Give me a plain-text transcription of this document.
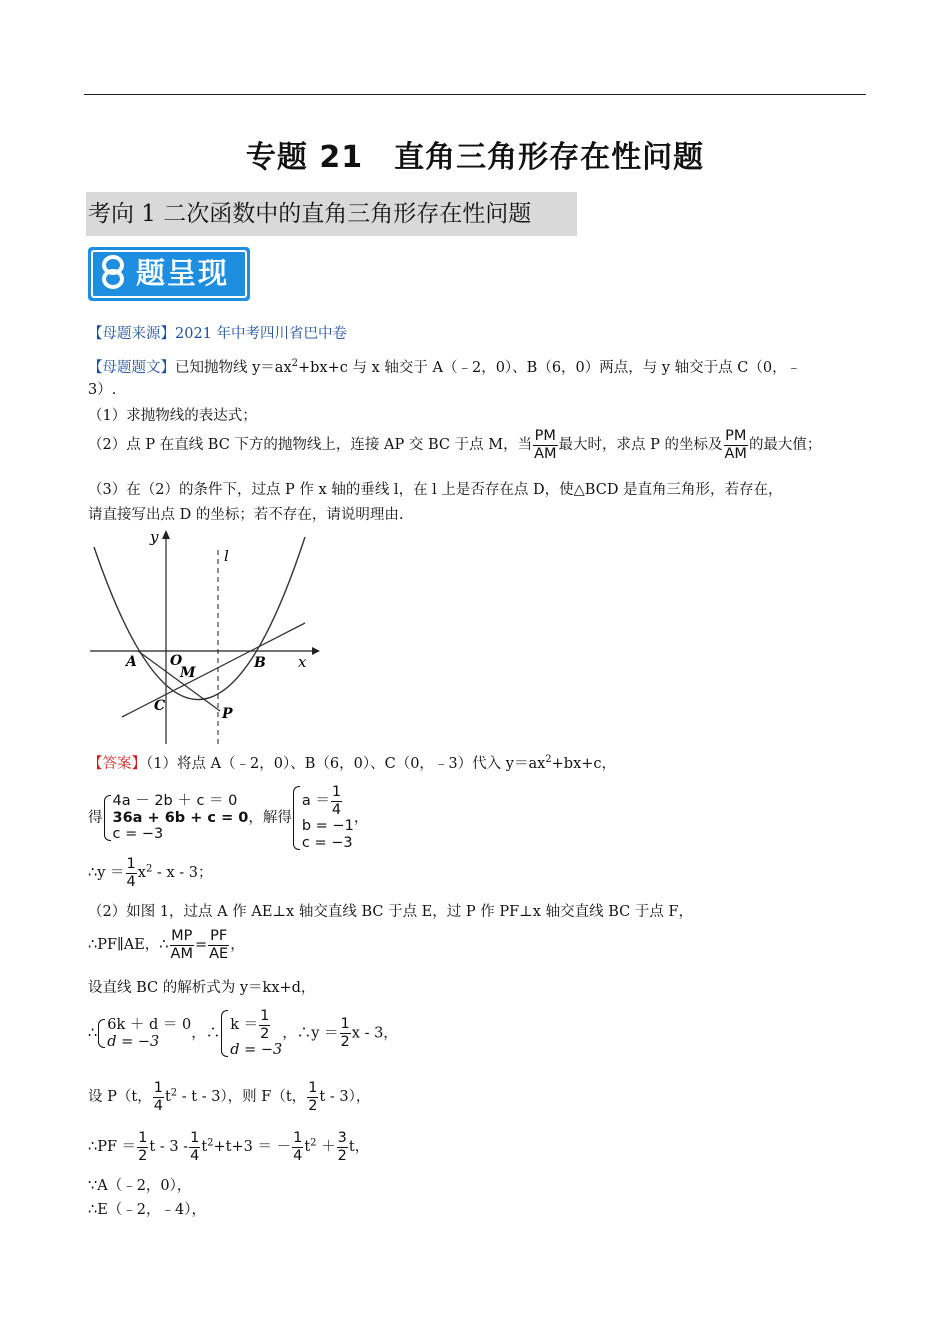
专题 21　直角三角形存在性问题
考向 1 二次函数中的直角三角形存在性问题
题呈现
【母题来源】2021 年中考四川省巴中卷
【母题题文】已知抛物线 $y=ax^2+bx+c$ 与 x 轴交于 A（﹣2，0）、B（6，0）两点，与 y 轴交于点 C（0，﹣
3）.
（1）求抛物线的表达式；
（2）点 P 在直线 BC 下方的抛物线上，连接 AP 交 BC 于点 M，当 $\frac{PM}{AM}$ 最大时，求点 P 的坐标及 $\frac{PM}{AM}$ 的最大值；
（3）在（2）的条件下，过点 P 作 x 轴的垂线 l，在 l 上是否存在点 D，使△BCD 是直角三角形，若存在，
请直接写出点 D 的坐标；若不存在，请说明理由.
y
x
l
A O
M
B
C	P
【答案】（1）将点 A（﹣2，0）、B（6，0）、C（0，﹣3）代入 $y=ax^2+bx+c$，
得
4a － 2b ＋ c ＝ 0
36a + 6b + c = 0
c = −3
，解得
$a = \frac{1}{4}$
b = −1
c = −3
，
∴y ＝ $\frac{1}{4} x^2$ - x - 3；
（2）如图 1，过点 A 作 AE⊥x 轴交直线 BC 于点 E，过 P 作 PF⊥x 轴交直线 BC 于点 F，
∴PF∥AE，∴ $\frac{MP}{AM} = \frac{PF}{AE}$ ，
设直线 BC 的解析式为 y＝kx+d，
∴
6k ＋ d ＝ 0
d = −3	，∴
$k = \frac{1}{2}$
d = −3
，∴y ＝ $\frac{1}{2}$ x - 3，
设 P（t， $\frac{1}{4} t^2$ - t - 3），则 F（t， $\frac{1}{2}$ t - 3），
∴PF ＝ $\frac{1}{2}$ $t - 3 - \frac{1}{4} t^2+t+3$ ＝ － $\frac{1}{4} t^2 + \frac{3}{2}$ t，
∵A（﹣2，0），
∴E（﹣2，﹣4），
